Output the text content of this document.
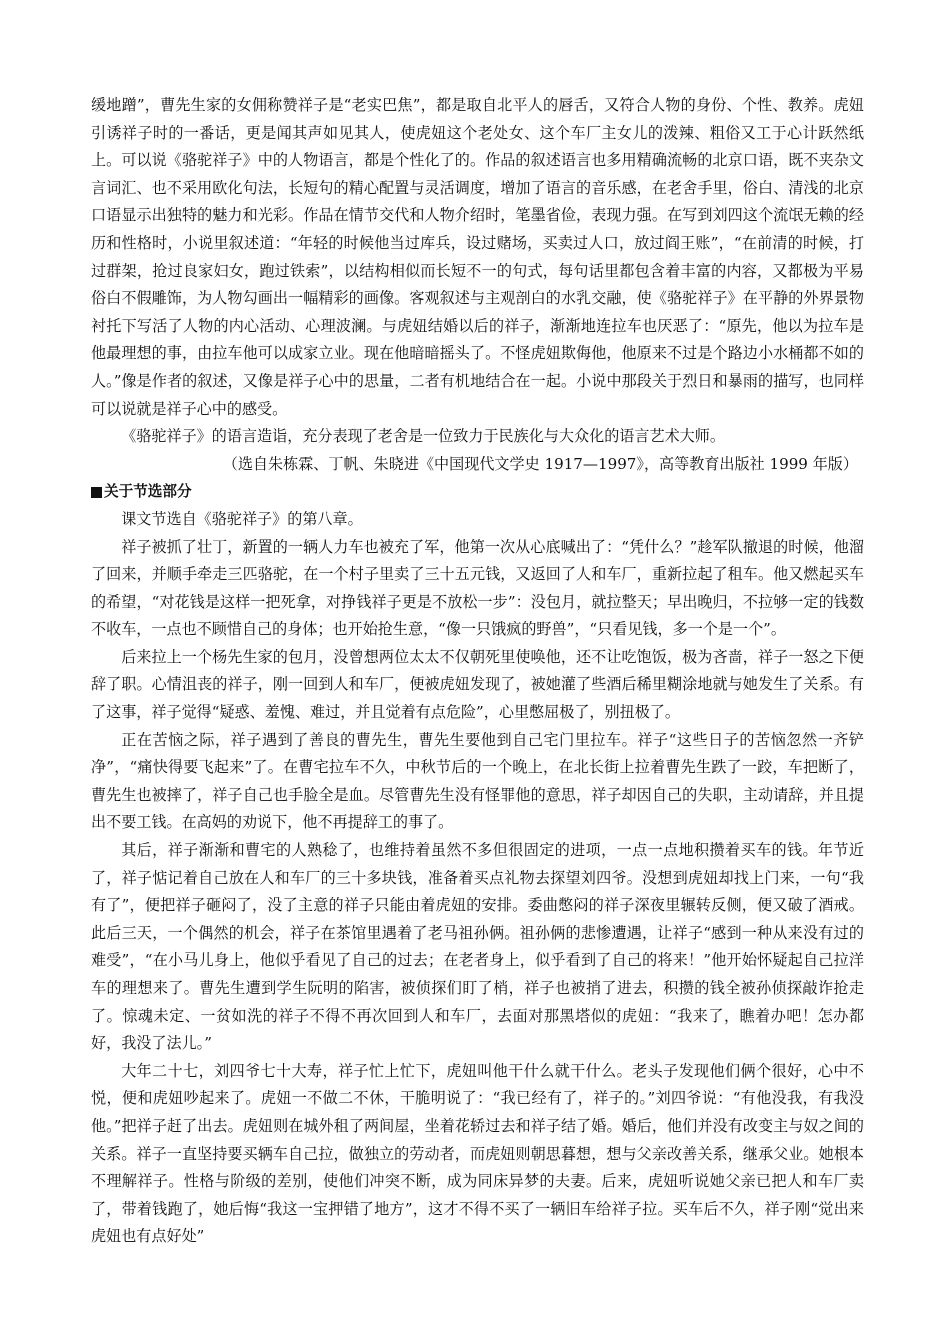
缓地蹭”，曹先生家的女佣称赞祥子是“老实巴焦”，都是取自北平人的唇舌，又符合人物的身份、个性、教养。虎妞引诱祥子时的一番话，更是闻其声如见其人，使虎妞这个老处女、这个车厂主女儿的泼辣、粗俗又工于心计跃然纸上。可以说《骆驼祥子》中的人物语言，都是个性化了的。作品的叙述语言也多用精确流畅的北京口语，既不夹杂文言词汇、也不采用欧化句法，长短句的精心配置与灵活调度，增加了语言的音乐感，在老舍手里，俗白、清浅的北京口语显示出独特的魅力和光彩。作品在情节交代和人物介绍时，笔墨省俭，表现力强。在写到刘四这个流氓无赖的经历和性格时，小说里叙述道：“年轻的时候他当过库兵，设过赌场，买卖过人口，放过阎王账”，“在前清的时候，打过群架，抢过良家妇女，跑过铁索”，以结构相似而长短不一的句式，每句话里都包含着丰富的内容，又都极为平易俗白不假雕饰，为人物勾画出一幅精彩的画像。客观叙述与主观剖白的水乳交融，使《骆驼祥子》在平静的外界景物衬托下写活了人物的内心活动、心理波澜。与虎妞结婚以后的祥子，渐渐地连拉车也厌恶了：“原先，他以为拉车是他最理想的事，由拉车他可以成家立业。现在他暗暗摇头了。不怪虎妞欺侮他，他原来不过是个路边小水桶都不如的人。”像是作者的叙述，又像是祥子心中的思量，二者有机地结合在一起。小说中那段关于烈日和暴雨的描写，也同样可以说就是祥子心中的感受。

《骆驼祥子》的语言造诣，充分表现了老舍是一位致力于民族化与大众化的语言艺术大师。

（选自朱栋霖、丁帆、朱晓进《中国现代文学史 1917—1997》，高等教育出版社 1999 年版）

关于节选部分

课文节选自《骆驼祥子》的第八章。

祥子被抓了壮丁，新置的一辆人力车也被充了军，他第一次从心底喊出了：“凭什么？”趁军队撤退的时候，他溜了回来，并顺手牵走三匹骆驼，在一个村子里卖了三十五元钱，又返回了人和车厂，重新拉起了租车。他又燃起买车的希望，“对花钱是这样一把死拿，对挣钱祥子更是不放松一步”：没包月，就拉整天；早出晚归，不拉够一定的钱数不收车，一点也不顾惜自己的身体；也开始抢生意，“像一只饿疯的野兽”，“只看见钱，多一个是一个”。

后来拉上一个杨先生家的包月，没曾想两位太太不仅朝死里使唤他，还不让吃饱饭，极为吝啬，祥子一怒之下便辞了职。心情沮丧的祥子，刚一回到人和车厂，便被虎妞发现了，被她灌了些酒后稀里糊涂地就与她发生了关系。有了这事，祥子觉得“疑惑、羞愧、难过，并且觉着有点危险”，心里憋屈极了，别扭极了。

正在苦恼之际，祥子遇到了善良的曹先生，曹先生要他到自己宅门里拉车。祥子“这些日子的苦恼忽然一齐铲净”，“痛快得要飞起来”了。在曹宅拉车不久，中秋节后的一个晚上，在北长街上拉着曹先生跌了一跤，车把断了，曹先生也被摔了，祥子自己也手脸全是血。尽管曹先生没有怪罪他的意思，祥子却因自己的失职，主动请辞，并且提出不要工钱。在高妈的劝说下，他不再提辞工的事了。

其后，祥子渐渐和曹宅的人熟稔了，也维持着虽然不多但很固定的进项，一点一点地积攒着买车的钱。年节近了，祥子惦记着自己放在人和车厂的三十多块钱，准备着买点礼物去探望刘四爷。没想到虎妞却找上门来，一句“我有了”，便把祥子砸闷了，没了主意的祥子只能由着虎妞的安排。委曲憋闷的祥子深夜里辗转反侧，便又破了酒戒。此后三天，一个偶然的机会，祥子在茶馆里遇着了老马祖孙俩。祖孙俩的悲惨遭遇，让祥子“感到一种从来没有过的难受”，“在小马儿身上，他似乎看见了自己的过去；在老者身上，似乎看到了自己的将来！”他开始怀疑起自己拉洋车的理想来了。曹先生遭到学生阮明的陷害，被侦探们盯了梢，祥子也被捎了进去，积攒的钱全被孙侦探敲诈抢走了。惊魂未定、一贫如洗的祥子不得不再次回到人和车厂，去面对那黑塔似的虎妞：“我来了，瞧着办吧！怎办都好，我没了法儿。”

大年二十七，刘四爷七十大寿，祥子忙上忙下，虎妞叫他干什么就干什么。老头子发现他们俩个很好，心中不悦，便和虎妞吵起来了。虎妞一不做二不休，干脆明说了：“我已经有了，祥子的。”刘四爷说：“有他没我，有我没他。”把祥子赶了出去。虎妞则在城外租了两间屋，坐着花轿过去和祥子结了婚。婚后，他们并没有改变主与奴之间的关系。祥子一直坚持要买辆车自己拉，做独立的劳动者，而虎妞则朝思暮想，想与父亲改善关系，继承父业。她根本不理解祥子。性格与阶级的差别，使他们冲突不断，成为同床异梦的夫妻。后来，虎妞听说她父亲已把人和车厂卖了，带着钱跑了，她后悔“我这一宝押错了地方”，这才不得不买了一辆旧车给祥子拉。买车后不久，祥子刚“觉出来虎妞也有点好处”
